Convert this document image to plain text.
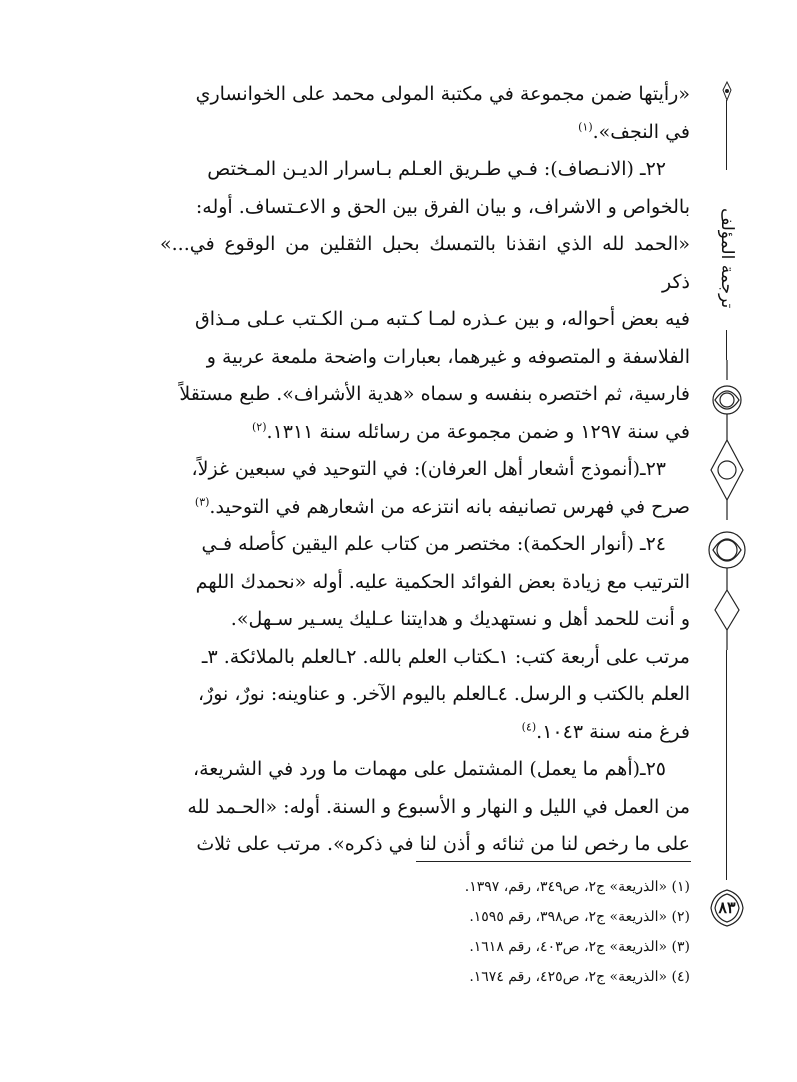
ترجمة المؤلف
٨٣

«رأيتها ضمن مجموعة في مكتبة المولى محمد على الخوانساري

في النجف».$^{(١)}$

٢٢ـ (الانـصاف): فـي طـريق العـلم بـاسرار الديـن المـختص

بالخواص و الاشراف، و بيان الفرق بين الحق و الاعـتساف. أوله:

«الحمد لله الذي انقذنا بالتمسك بحبل الثقلين من الوقوع في...» ذكر

فيه بعض أحواله، و بين عـذره لمـا كـتبه مـن الكـتب عـلى مـذاق

الفلاسفة و المتصوفه و غيرهما، بعبارات واضحة ملمعة عربية و

فارسية، ثم اختصره بنفسه و سماه «هدية الأشراف». طبع مستقلاً

في سنة ١٢٩٧ و ضمن مجموعة من رسائله سنة ١٣١١.$^{(٢)}$

٢٣ـ(أنموذج أشعار أهل العرفان): في التوحيد في سبعين غزلاً،

صرح في فهرس تصانيفه بانه انتزعه من اشعارهم في التوحيد.$^{(٣)}$

٢٤ـ (أنوار الحكمة): مختصر من كتاب علم اليقين كأصله فـي

الترتيب مع زيادة بعض الفوائد الحكمية عليه. أوله «نحمدك اللهم

و أنت للحمد أهل و نستهديك و هدايتنا عـليك يسـير سـهل».

مرتب على أربعة كتب: ١ـكتاب العلم بالله. ٢ـالعلم بالملائكة. ٣ـ

العلم بالكتب و الرسل. ٤ـالعلم باليوم الآخر. و عناوينه: نورٌ، نورٌ،

فرغ منه سنة ١٠٤٣.$^{(٤)}$

٢٥ـ(أهم ما يعمل) المشتمل على مهمات ما ورد في الشريعة،

من العمل في الليل و النهار و الأسبوع و السنة. أوله: «الحـمد لله

على ما رخص لنا من ثنائه و أذن لنا في ذكره». مرتب على ثلاث

(١) «الذريعة» ج٢، ص٣٤٩، رقم، ١٣٩٧.
(٢) «الذريعة» ج٢، ص٣٩٨، رقم ١٥٩٥.
(٣) «الذريعة» ج٢، ص٤٠٣، رقم ١٦١٨.
(٤) «الذريعة» ج٢، ص٤٢٥، رقم ١٦٧٤.
